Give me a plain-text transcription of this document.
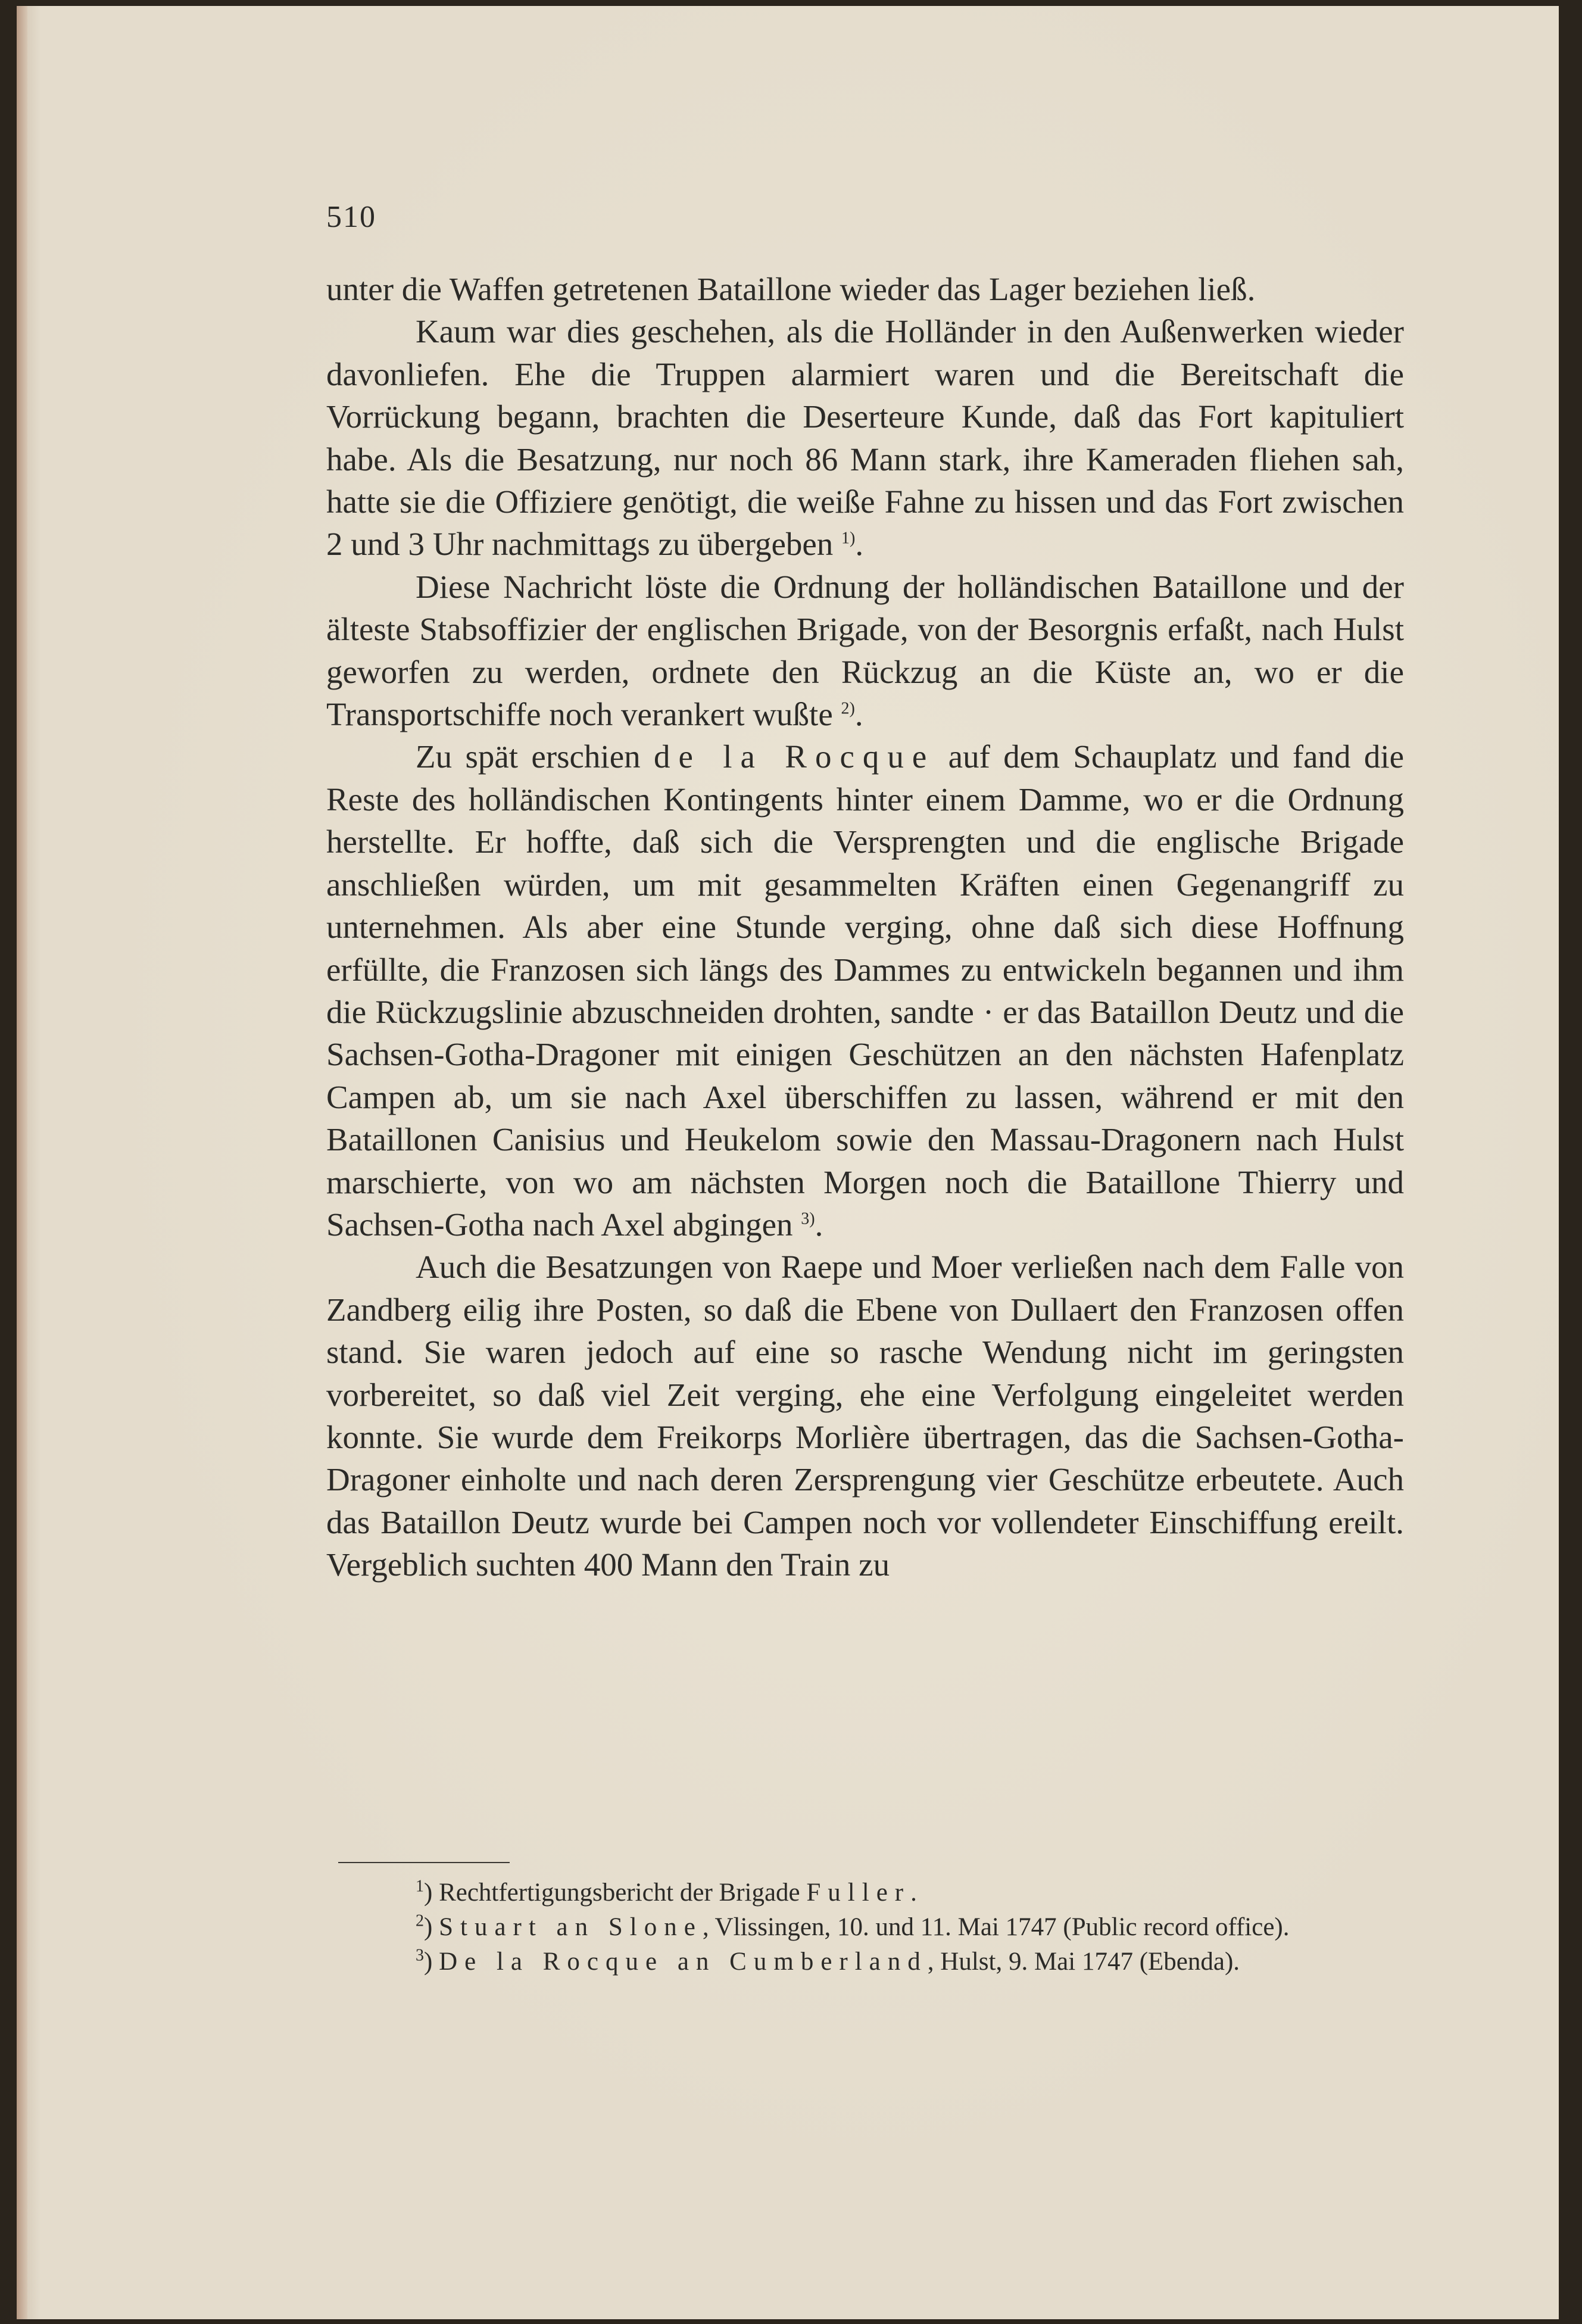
510

unter die Waffen getretenen Bataillone wieder das Lager beziehen ließ.

Kaum war dies geschehen, als die Holländer in den Außenwerken wieder davonliefen. Ehe die Truppen alarmiert waren und die Bereitschaft die Vorrückung begann, brachten die Deserteure Kunde, daß das Fort kapituliert habe. Als die Besatzung, nur noch 86 Mann stark, ihre Kameraden fliehen sah, hatte sie die Offiziere genötigt, die weiße Fahne zu hissen und das Fort zwischen 2 und 3 Uhr nachmittags zu übergeben $^{1)}$.

Diese Nachricht löste die Ordnung der holländischen Bataillone und der älteste Stabsoffizier der englischen Brigade, von der Besorgnis erfaßt, nach Hulst geworfen zu werden, ordnete den Rückzug an die Küste an, wo er die Transportschiffe noch verankert wußte $^{2)}$.

Zu spät erschien de la Rocque auf dem Schauplatz und fand die Reste des holländischen Kontingents hinter einem Damme, wo er die Ordnung herstellte. Er hoffte, daß sich die Versprengten und die englische Brigade anschließen würden, um mit gesammelten Kräften einen Gegenangriff zu unternehmen. Als aber eine Stunde verging, ohne daß sich diese Hoffnung erfüllte, die Franzosen sich längs des Dammes zu entwickeln begannen und ihm die Rückzugslinie abzuschneiden drohten, sandte · er das Bataillon Deutz und die Sachsen-Gotha-Dragoner mit einigen Geschützen an den nächsten Hafenplatz Campen ab, um sie nach Axel überschiffen zu lassen, während er mit den Bataillonen Canisius und Heukelom sowie den Massau-Dragonern nach Hulst marschierte, von wo am nächsten Morgen noch die Bataillone Thierry und Sachsen-Gotha nach Axel abgingen $^{3)}$.

Auch die Besatzungen von Raepe und Moer verließen nach dem Falle von Zandberg eilig ihre Posten, so daß die Ebene von Dullaert den Franzosen offen stand. Sie waren jedoch auf eine so rasche Wendung nicht im geringsten vorbereitet, so daß viel Zeit verging, ehe eine Verfolgung eingeleitet werden konnte. Sie wurde dem Freikorps Morlière übertragen, das die Sachsen-Gotha-Dragoner einholte und nach deren Zersprengung vier Geschütze erbeutete. Auch das Bataillon Deutz wurde bei Campen noch vor vollendeter Einschiffung ereilt. Vergeblich suchten 400 Mann den Train zu

$^1$) Rechtfertigungsbericht der Brigade Fuller.

$^2$) Stuart an Slone, Vlissingen, 10. und 11. Mai 1747 (Public record office).

$^3$) De la Rocque an Cumberland, Hulst, 9. Mai 1747 (Ebenda).
